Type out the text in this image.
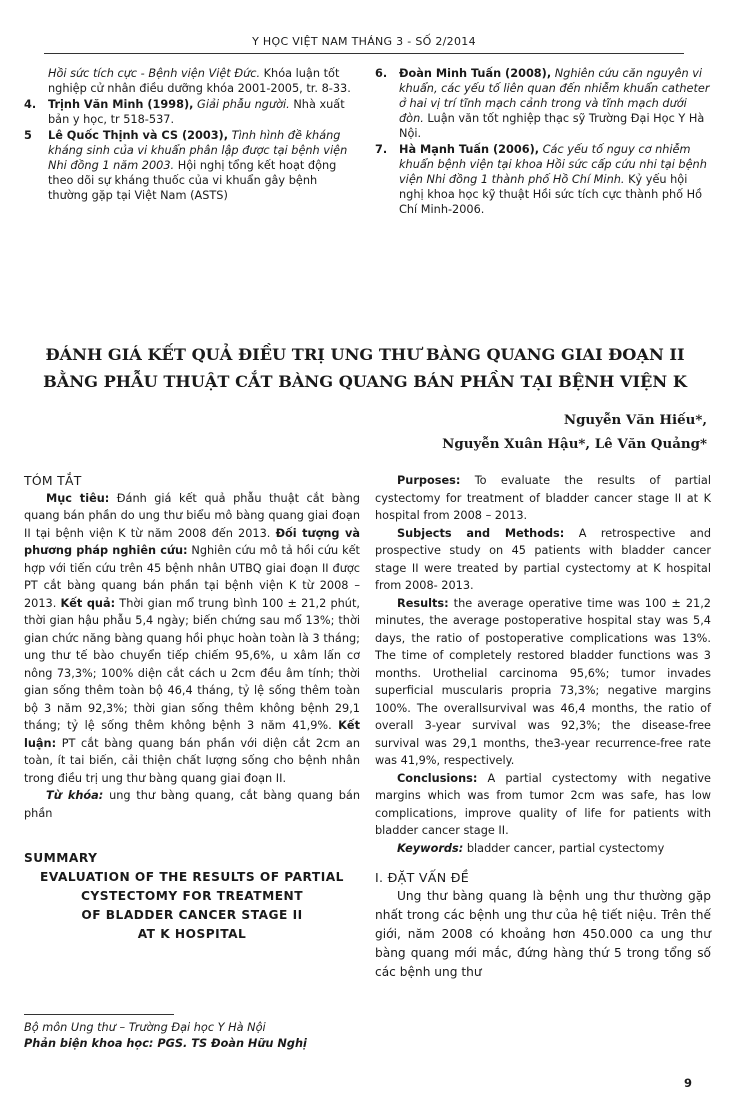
Y HỌC VIỆT NAM THÁNG 3 - SỐ 2/2014
Hồi sức tích cực - Bệnh viện Việt Đức. Khóa luận tốt nghiệp cử nhân điều dưỡng khóa 2001-2005, tr. 8-33.
4. Trịnh Văn Minh (1998), Giải phẫu người. Nhà xuất bản y học, tr 518-537.
5 Lê Quốc Thịnh và CS (2003), Tình hình đề kháng kháng sinh của vi khuẩn phân lập được tại bệnh viện Nhi đồng 1 năm 2003. Hội nghị tổng kết hoạt động theo dõi sự kháng thuốc của vi khuẩn gây bệnh thường gặp tại Việt Nam (ASTS)
6. Đoàn Minh Tuấn (2008), Nghiên cứu căn nguyên vi khuẩn, các yếu tố liên quan đến nhiễm khuẩn catheter ở hai vị trí tĩnh mạch cảnh trong và tĩnh mạch dưới đòn. Luận văn tốt nghiệp thạc sỹ Trường Đại Học Y Hà Nội.
7. Hà Mạnh Tuấn (2006), Các yếu tố nguy cơ nhiễm khuẩn bệnh viện tại khoa Hồi sức cấp cứu nhi tại bệnh viện Nhi đồng 1 thành phố Hồ Chí Minh. Kỷ yếu hội nghị khoa học kỹ thuật Hồi sức tích cực thành phố Hồ Chí Minh-2006.
ĐÁNH GIÁ KẾT QUẢ ĐIỀU TRỊ UNG THƯ BÀNG QUANG GIAI ĐOẠN II
BẰNG PHẪU THUẬT CẮT BÀNG QUANG BÁN PHẦN TẠI BỆNH VIỆN K
Nguyễn Văn Hiếu*,
Nguyễn Xuân Hậu*, Lê Văn Quảng*
TÓM TẮT

Mục tiêu: Đánh giá kết quả phẫu thuật cắt bàng quang bán phần do ung thư biểu mô bàng quang giai đoạn II tại bệnh viện K từ năm 2008 đến 2013. Đối tượng và phương pháp nghiên cứu: Nghiên cứu mô tả hồi cứu kết hợp với tiến cứu trên 45 bệnh nhân UTBQ giai đoạn II được PT cắt bàng quang bán phần tại bệnh viện K từ 2008 – 2013. Kết quả: Thời gian mổ trung bình 100 ± 21,2 phút, thời gian hậu phẫu 5,4 ngày; biến chứng sau mổ 13%; thời gian chức năng bàng quang hồi phục hoàn toàn là 3 tháng; ung thư tế bào chuyển tiếp chiếm 95,6%, u xâm lấn cơ nông 73,3%; 100% diện cắt cách u 2cm đều âm tính; thời gian sống thêm toàn bộ 46,4 tháng, tỷ lệ sống thêm toàn bộ 3 năm 92,3%; thời gian sống thêm không bệnh 29,1 tháng; tỷ lệ sống thêm không bệnh 3 năm 41,9%. Kết luận: PT cắt bàng quang bán phần với diện cắt 2cm an toàn, ít tai biến, cải thiện chất lượng sống cho bệnh nhân trong điều trị ung thư bàng quang giai đoạn II.

Từ khóa: ung thư bàng quang, cắt bàng quang bán phần

SUMMARY
EVALUATION OF THE RESULTS OF PARTIAL
CYSTECTOMY FOR TREATMENT
OF BLADDER CANCER STAGE II
AT K HOSPITAL
Bộ môn Ung thư – Trường Đại học Y Hà Nội
Phản biện khoa học: PGS. TS Đoàn Hữu Nghị

Purposes: To evaluate the results of partial cystectomy for treatment of bladder cancer stage II at K hospital from 2008 – 2013.

Subjects and Methods: A retrospective and prospective study on 45 patients with bladder cancer stage II were treated by partial cystectomy at K hospital from 2008- 2013.

Results: the average operative time was 100 ± 21,2 minutes, the average postoperative hospital stay was 5,4 days, the ratio of postoperative complications was 13%. The time of completely restored bladder functions was 3 months. Urothelial carcinoma 95,6%; tumor invades superficial muscularis propria 73,3%; negative margins 100%. The overallsurvival was 46,4 months, the ratio of overall 3-year survival was 92,3%; the disease-free survival was 29,1 months, the3-year recurrence-free rate was 41,9%, respectively.

Conclusions: A partial cystectomy with negative margins which was from tumor 2cm was safe, has low complications, improve quality of life for patients with bladder cancer stage II.

Keywords: bladder cancer, partial cystectomy

I. ĐẶT VẤN ĐỀ

Ung thư bàng quang là bệnh ung thư thường gặp nhất trong các bệnh ung thư của hệ tiết niệu. Trên thế giới, năm 2008 có khoảng hơn 450.000 ca ung thư bàng quang mới mắc, đứng hàng thứ 5 trong tổng số các bệnh ung thư

9
